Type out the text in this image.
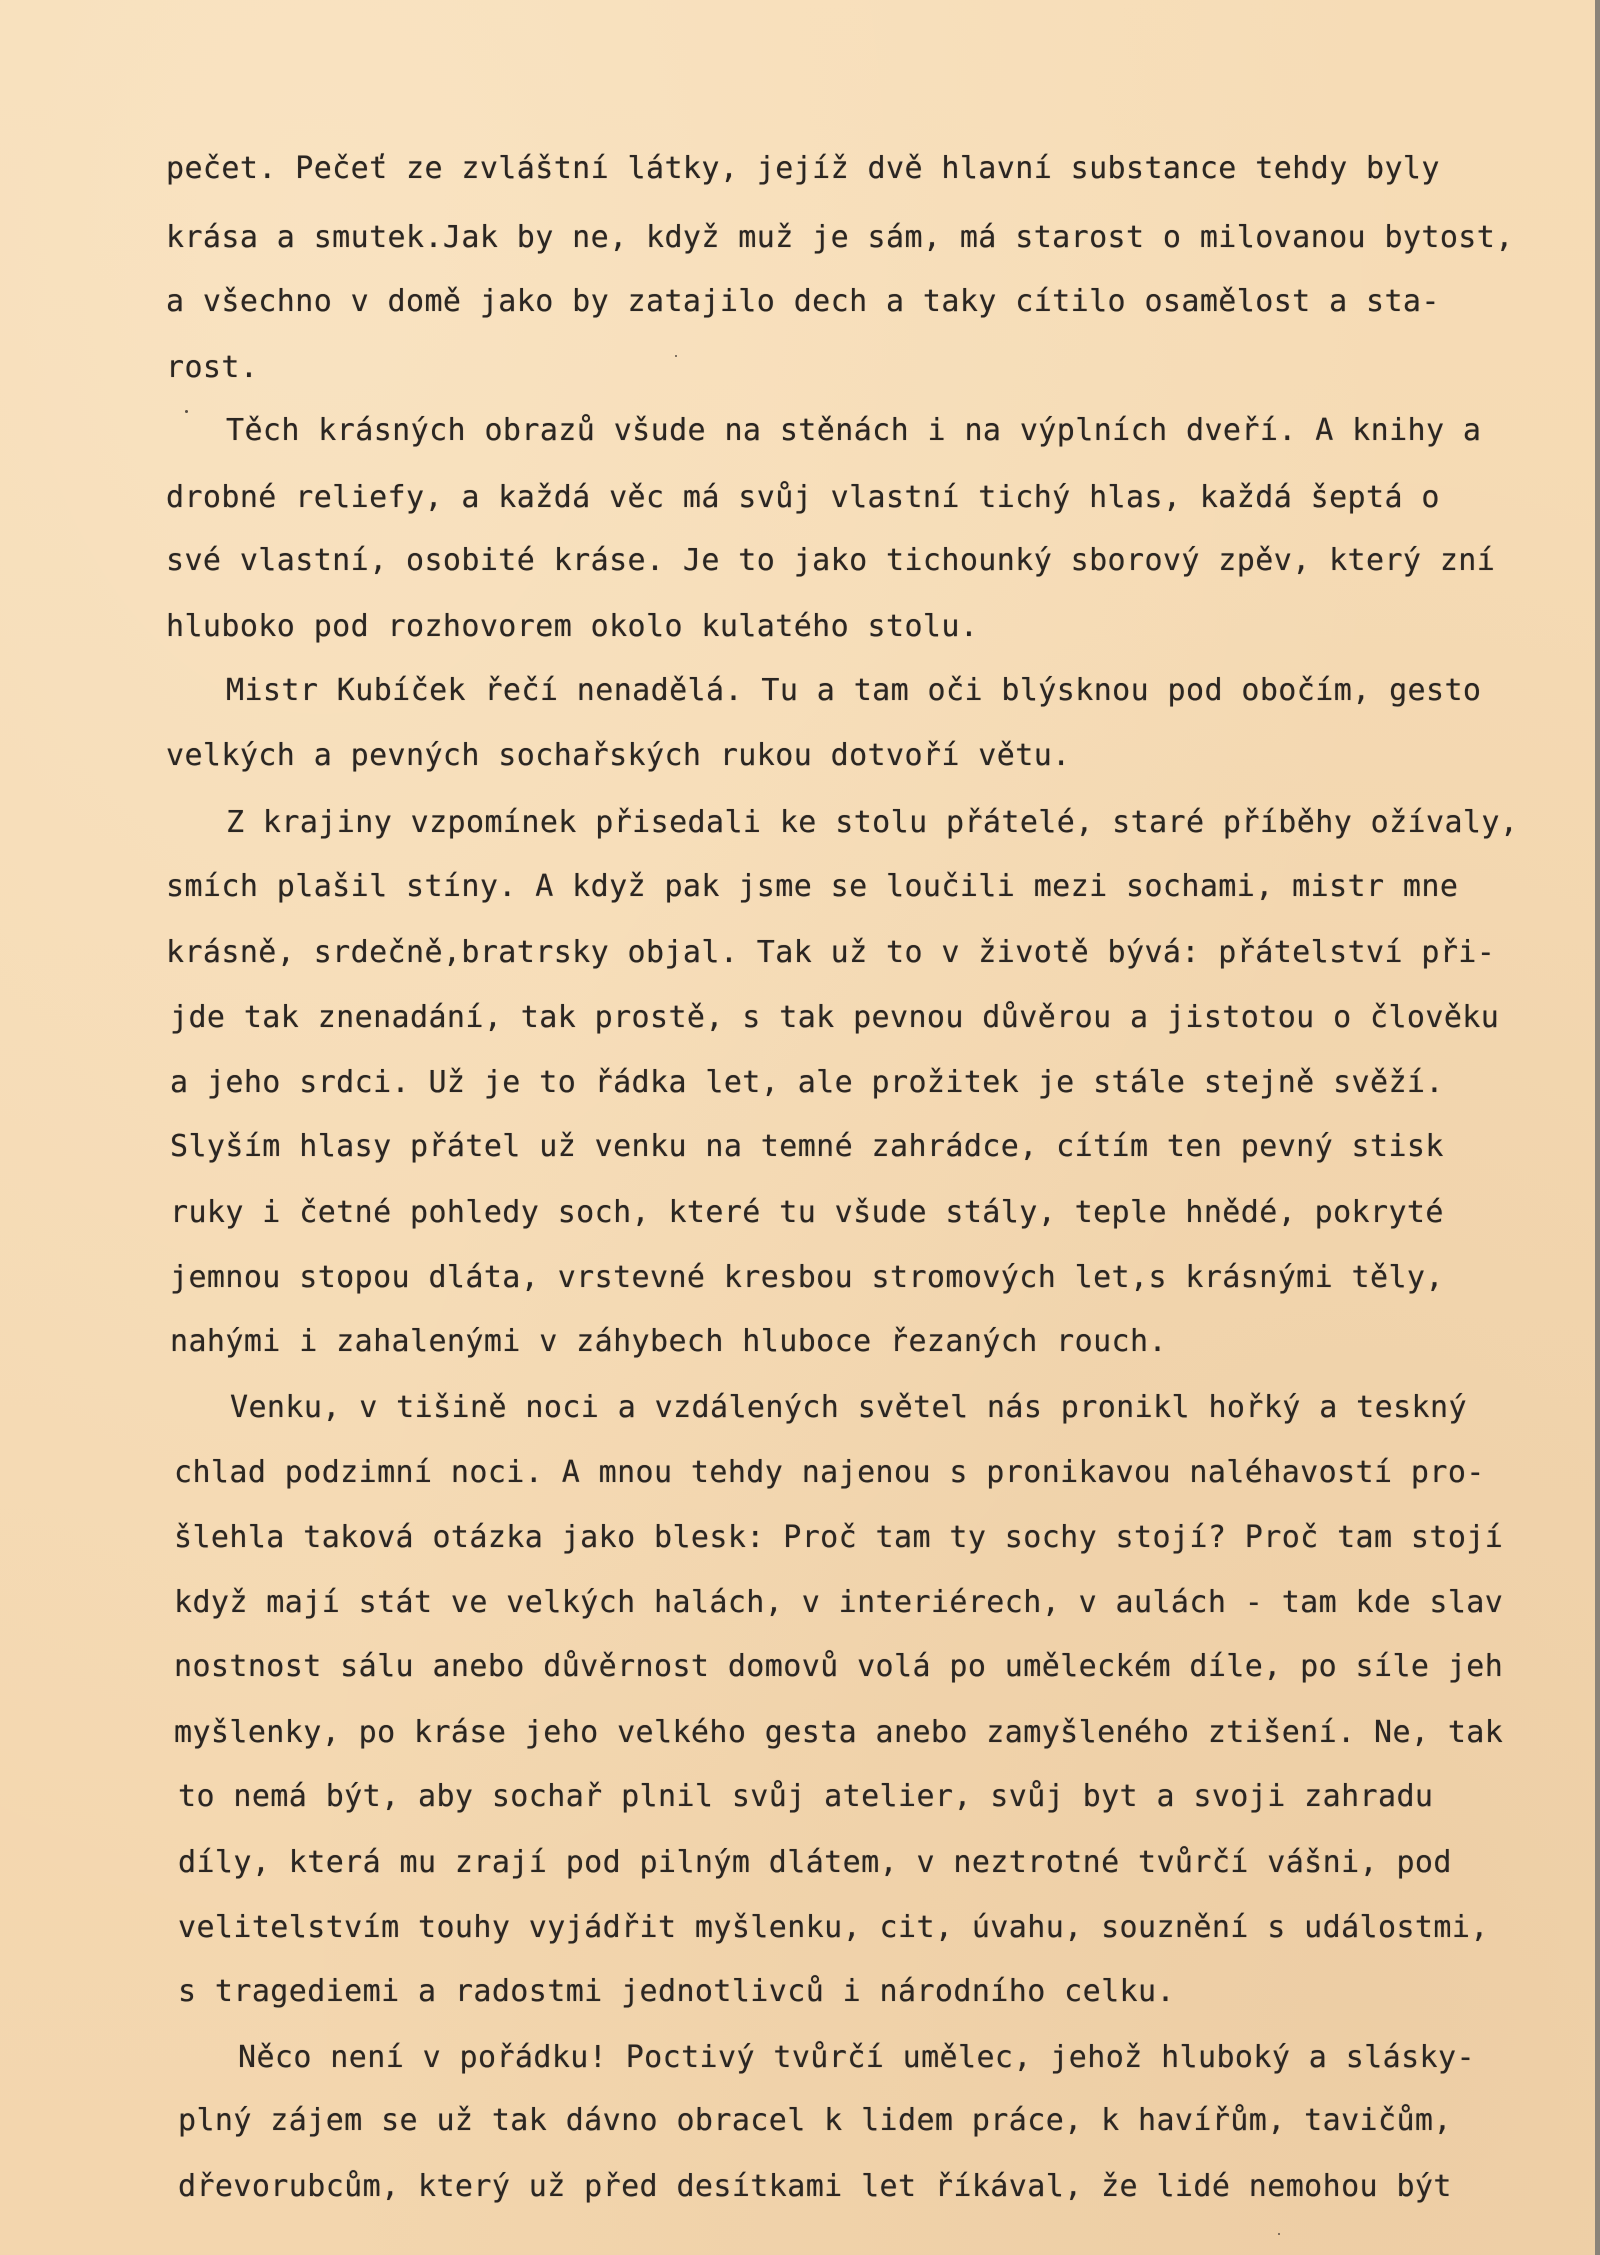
pečet. Pečeť ze zvláštní látky, jejíž dvě hlavní substance tehdy byly
krása a smutek.Jak by ne, když muž je sám, má starost o milovanou bytost,
a všechno v domě jako by zatajilo dech a taky cítilo osamělost a sta-
rost.
Těch krásných obrazů všude na stěnách i na výplních dveří. A knihy a
drobné reliefy, a každá věc má svůj vlastní tichý hlas, každá šeptá o
své vlastní, osobité kráse. Je to jako tichounký sborový zpěv, který zní
hluboko pod rozhovorem okolo kulatého stolu.
Mistr Kubíček řečí nenadělá. Tu a tam oči blýsknou pod obočím, gesto
velkých a pevných sochařských rukou dotvoří větu.
Z krajiny vzpomínek přisedali ke stolu přátelé, staré příběhy ožívaly,
smích plašil stíny. A když pak jsme se loučili mezi sochami, mistr mne
krásně, srdečně,bratrsky objal. Tak už to v životě bývá: přátelství při-
jde tak znenadání, tak prostě, s tak pevnou důvěrou a jistotou o člověku
a jeho srdci. Už je to řádka let, ale prožitek je stále stejně svěží.
Slyším hlasy přátel už venku na temné zahrádce, cítím ten pevný stisk
ruky i četné pohledy soch, které tu všude stály, teple hnědé, pokryté
jemnou stopou dláta, vrstevné kresbou stromových let,s krásnými těly,
nahými i zahalenými v záhybech hluboce řezaných rouch.
Venku, v tišině noci a vzdálených světel nás pronikl hořký a teskný
chlad podzimní noci. A mnou tehdy najenou s pronikavou naléhavostí pro-
šlehla taková otázka jako blesk: Proč tam ty sochy stojí? Proč tam stojí
když mají stát ve velkých halách, v interiérech, v aulách - tam kde slav
nostnost sálu anebo důvěrnost domovů volá po uměleckém díle, po síle jeh
myšlenky, po kráse jeho velkého gesta anebo zamyšleného ztišení. Ne, tak
to nemá být, aby sochař plnil svůj atelier, svůj byt a svoji zahradu
díly, která mu zrají pod pilným dlátem, v neztrotné tvůrčí vášni, pod
velitelstvím touhy vyjádřit myšlenku, cit, úvahu, souznění s událostmi,
s tragediemi a radostmi jednotlivců i národního celku.
Něco není v pořádku! Poctivý tvůrčí umělec, jehož hluboký a slásky-
plný zájem se už tak dávno obracel k lidem práce, k havířům, tavičům,
dřevorubcům, který už před desítkami let říkával, že lidé nemohou být
